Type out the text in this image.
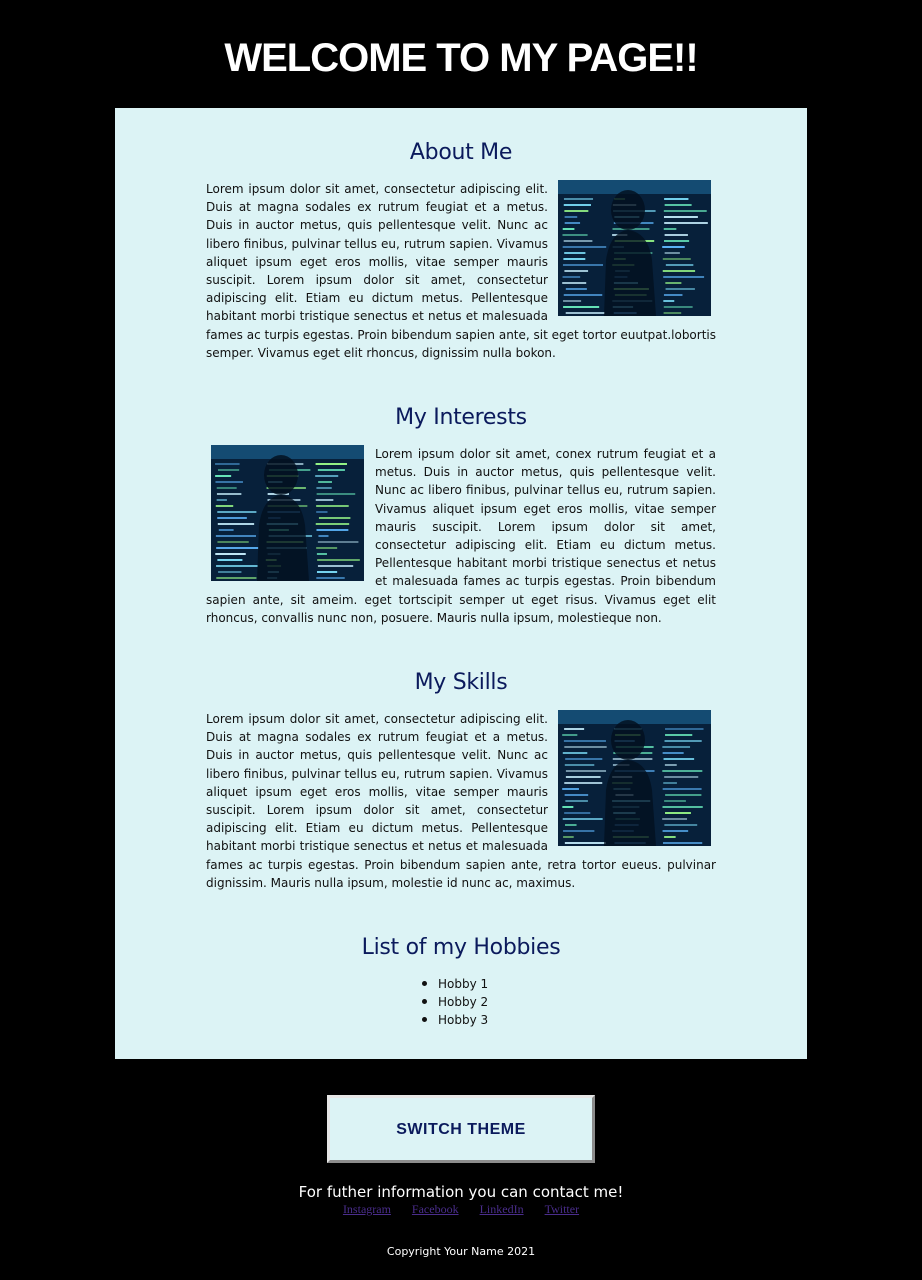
WELCOME TO MY PAGE!!
About Me
Lorem ipsum dolor sit amet, consectetur adipiscing elit. Duis at magna sodales ex rutrum feugiat et a metus. Duis in auctor metus, quis pellentesque velit. Nunc ac libero finibus, pulvinar tellus eu, rutrum sapien. Vivamus aliquet ipsum eget eros mollis, vitae semper mauris suscipit. Lorem ipsum dolor sit amet, consectetur adipiscing elit. Etiam eu dictum metus. Pellentesque habitant morbi tristique senectus et netus et malesuada fames ac turpis egestas. Proin bibendum sapien ante, sit eget tortor euutpat.lobortis semper. Vivamus eget elit rhoncus, dignissim nulla bokon.
My Interests
Lorem ipsum dolor sit amet, conex rutrum feugiat et a metus. Duis in auctor metus, quis pellentesque velit. Nunc ac libero finibus, pulvinar tellus eu, rutrum sapien. Vivamus aliquet ipsum eget eros mollis, vitae semper mauris suscipit. Lorem ipsum dolor sit amet, consectetur adipiscing elit. Etiam eu dictum metus. Pellentesque habitant morbi tristique senectus et netus et malesuada fames ac turpis egestas. Proin bibendum sapien ante, sit ameim. eget tortscipit semper ut eget risus. Vivamus eget elit rhoncus, convallis nunc non, posuere. Mauris nulla ipsum, molestieque non.
My Skills
Lorem ipsum dolor sit amet, consectetur adipiscing elit. Duis at magna sodales ex rutrum feugiat et a metus. Duis in auctor metus, quis pellentesque velit. Nunc ac libero finibus, pulvinar tellus eu, rutrum sapien. Vivamus aliquet ipsum eget eros mollis, vitae semper mauris suscipit. Lorem ipsum dolor sit amet, consectetur adipiscing elit. Etiam eu dictum metus. Pellentesque habitant morbi tristique senectus et netus et malesuada fames ac turpis egestas. Proin bibendum sapien ante, retra tortor eueus. pulvinar dignissim. Mauris nulla ipsum, molestie id nunc ac, maximus.
List of my Hobbies
Hobby 1
Hobby 2
Hobby 3
SWITCH THEME
For futher information you can contact me!
Instagram Facebook LinkedIn Twitter
Copyright Your Name 2021
